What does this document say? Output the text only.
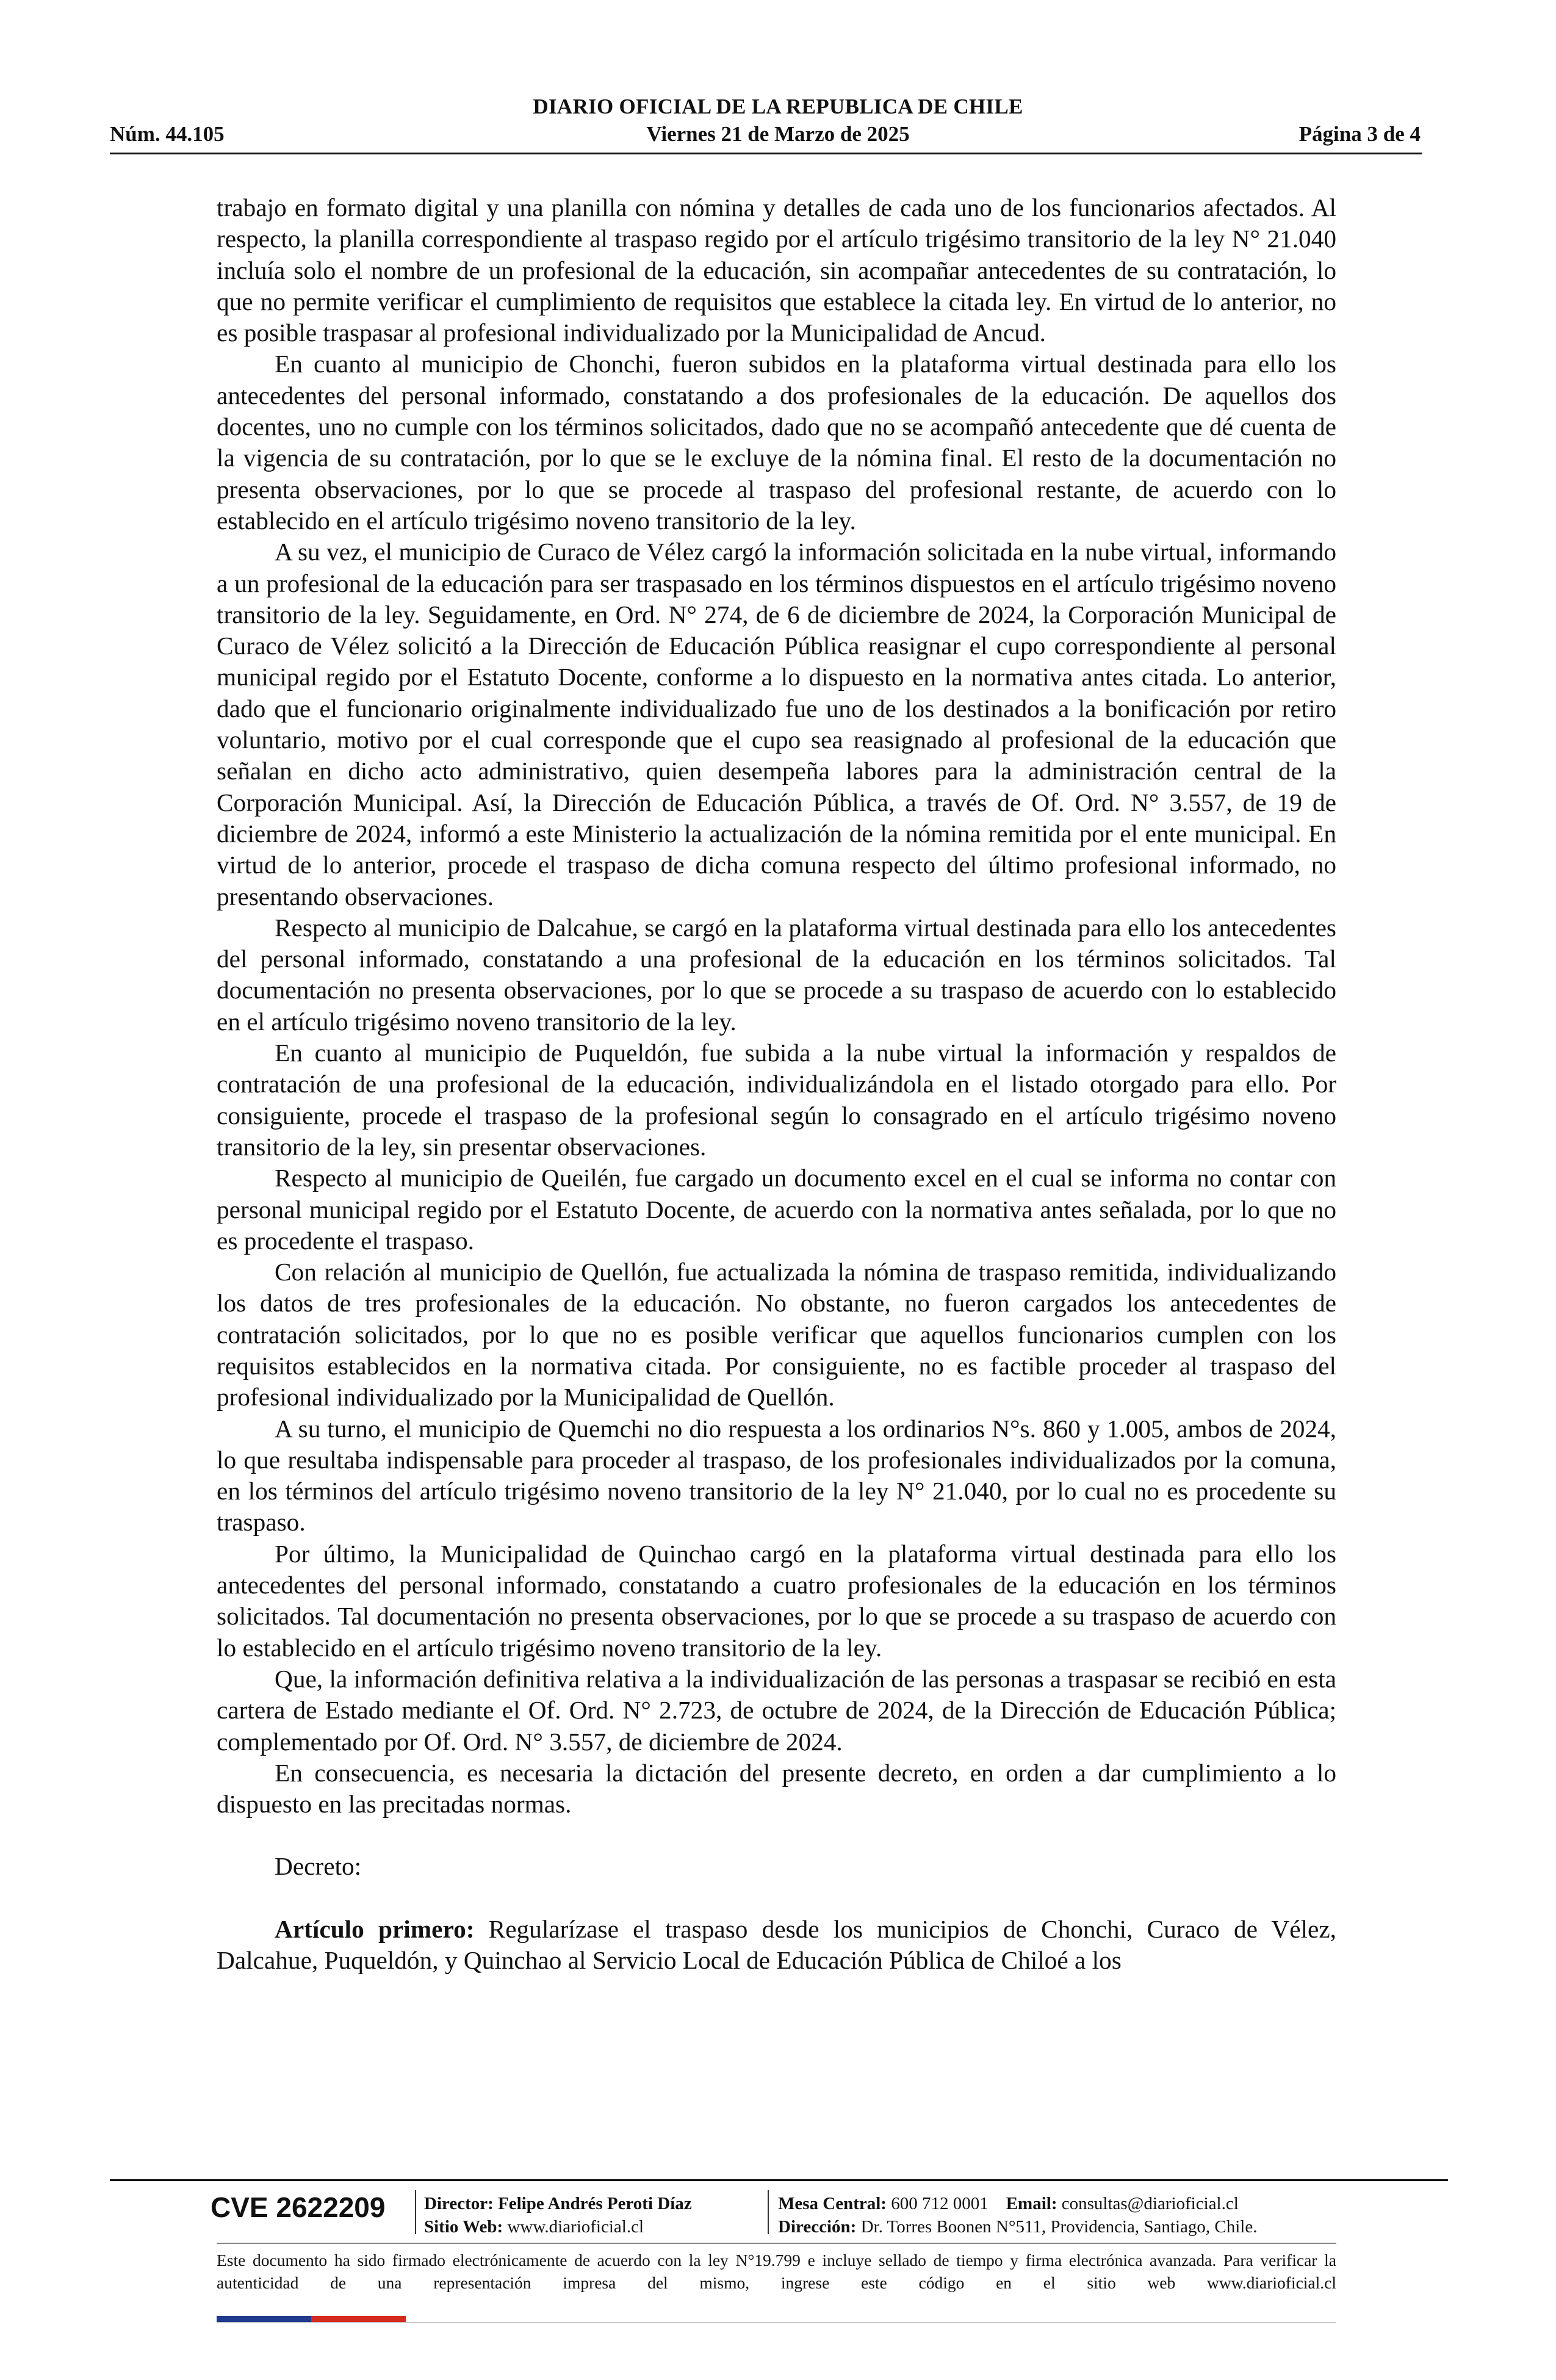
DIARIO OFICIAL DE LA REPUBLICA DE CHILE
Núm. 44.105	Viernes 21 de Marzo de 2025	Página 3 de 4

trabajo en formato digital y una planilla con nómina y detalles de cada uno de los funcionarios afectados. Al respecto, la planilla correspondiente al traspaso regido por el artículo trigésimo transitorio de la ley N° 21.040 incluía solo el nombre de un profesional de la educación, sin acompañar antecedentes de su contratación, lo que no permite verificar el cumplimiento de requisitos que establece la citada ley. En virtud de lo anterior, no es posible traspasar al profesional individualizado por la Municipalidad de Ancud.

En cuanto al municipio de Chonchi, fueron subidos en la plataforma virtual destinada para ello los antecedentes del personal informado, constatando a dos profesionales de la educación. De aquellos dos docentes, uno no cumple con los términos solicitados, dado que no se acompañó antecedente que dé cuenta de la vigencia de su contratación, por lo que se le excluye de la nómina final. El resto de la documentación no presenta observaciones, por lo que se procede al traspaso del profesional restante, de acuerdo con lo establecido en el artículo trigésimo noveno transitorio de la ley.

A su vez, el municipio de Curaco de Vélez cargó la información solicitada en la nube virtual, informando a un profesional de la educación para ser traspasado en los términos dispuestos en el artículo trigésimo noveno transitorio de la ley. Seguidamente, en Ord. N° 274, de 6 de diciembre de 2024, la Corporación Municipal de Curaco de Vélez solicitó a la Dirección de Educación Pública reasignar el cupo correspondiente al personal municipal regido por el Estatuto Docente, conforme a lo dispuesto en la normativa antes citada. Lo anterior, dado que el funcionario originalmente individualizado fue uno de los destinados a la bonificación por retiro voluntario, motivo por el cual corresponde que el cupo sea reasignado al profesional de la educación que señalan en dicho acto administrativo, quien desempeña labores para la administración central de la Corporación Municipal. Así, la Dirección de Educación Pública, a través de Of. Ord. N° 3.557, de 19 de diciembre de 2024, informó a este Ministerio la actualización de la nómina remitida por el ente municipal. En virtud de lo anterior, procede el traspaso de dicha comuna respecto del último profesional informado, no presentando observaciones.

Respecto al municipio de Dalcahue, se cargó en la plataforma virtual destinada para ello los antecedentes del personal informado, constatando a una profesional de la educación en los términos solicitados. Tal documentación no presenta observaciones, por lo que se procede a su traspaso de acuerdo con lo establecido en el artículo trigésimo noveno transitorio de la ley.

En cuanto al municipio de Puqueldón, fue subida a la nube virtual la información y respaldos de contratación de una profesional de la educación, individualizándola en el listado otorgado para ello. Por consiguiente, procede el traspaso de la profesional según lo consagrado en el artículo trigésimo noveno transitorio de la ley, sin presentar observaciones.

Respecto al municipio de Queilén, fue cargado un documento excel en el cual se informa no contar con personal municipal regido por el Estatuto Docente, de acuerdo con la normativa antes señalada, por lo que no es procedente el traspaso.

Con relación al municipio de Quellón, fue actualizada la nómina de traspaso remitida, individualizando los datos de tres profesionales de la educación. No obstante, no fueron cargados los antecedentes de contratación solicitados, por lo que no es posible verificar que aquellos funcionarios cumplen con los requisitos establecidos en la normativa citada. Por consiguiente, no es factible proceder al traspaso del profesional individualizado por la Municipalidad de Quellón.

A su turno, el municipio de Quemchi no dio respuesta a los ordinarios N°s. 860 y 1.005, ambos de 2024, lo que resultaba indispensable para proceder al traspaso, de los profesionales individualizados por la comuna, en los términos del artículo trigésimo noveno transitorio de la ley N° 21.040, por lo cual no es procedente su traspaso.

Por último, la Municipalidad de Quinchao cargó en la plataforma virtual destinada para ello los antecedentes del personal informado, constatando a cuatro profesionales de la educación en los términos solicitados. Tal documentación no presenta observaciones, por lo que se procede a su traspaso de acuerdo con lo establecido en el artículo trigésimo noveno transitorio de la ley.

Que, la información definitiva relativa a la individualización de las personas a traspasar se recibió en esta cartera de Estado mediante el Of. Ord. N° 2.723, de octubre de 2024, de la Dirección de Educación Pública; complementado por Of. Ord. N° 3.557, de diciembre de 2024.

En consecuencia, es necesaria la dictación del presente decreto, en orden a dar cumplimiento a lo dispuesto en las precitadas normas.

Decreto:

Artículo primero: Regularízase el traspaso desde los municipios de Chonchi, Curaco de Vélez, Dalcahue, Puqueldón, y Quinchao al Servicio Local de Educación Pública de Chiloé a los

CVE 2622209 Director: Felipe Andrés Peroti Díaz
Sitio Web: www.diarioficial.cl
Mesa Central: 600 712 0001 Email: consultas@diarioficial.cl
Dirección: Dr. Torres Boonen N°511, Providencia, Santiago, Chile.
Este documento ha sido firmado electrónicamente de acuerdo con la ley N°19.799 e incluye sellado de tiempo y firma electrónica avanzada. Para verificar la autenticidad de una representación impresa del mismo, ingrese este código en el sitio web www.diarioficial.cl
